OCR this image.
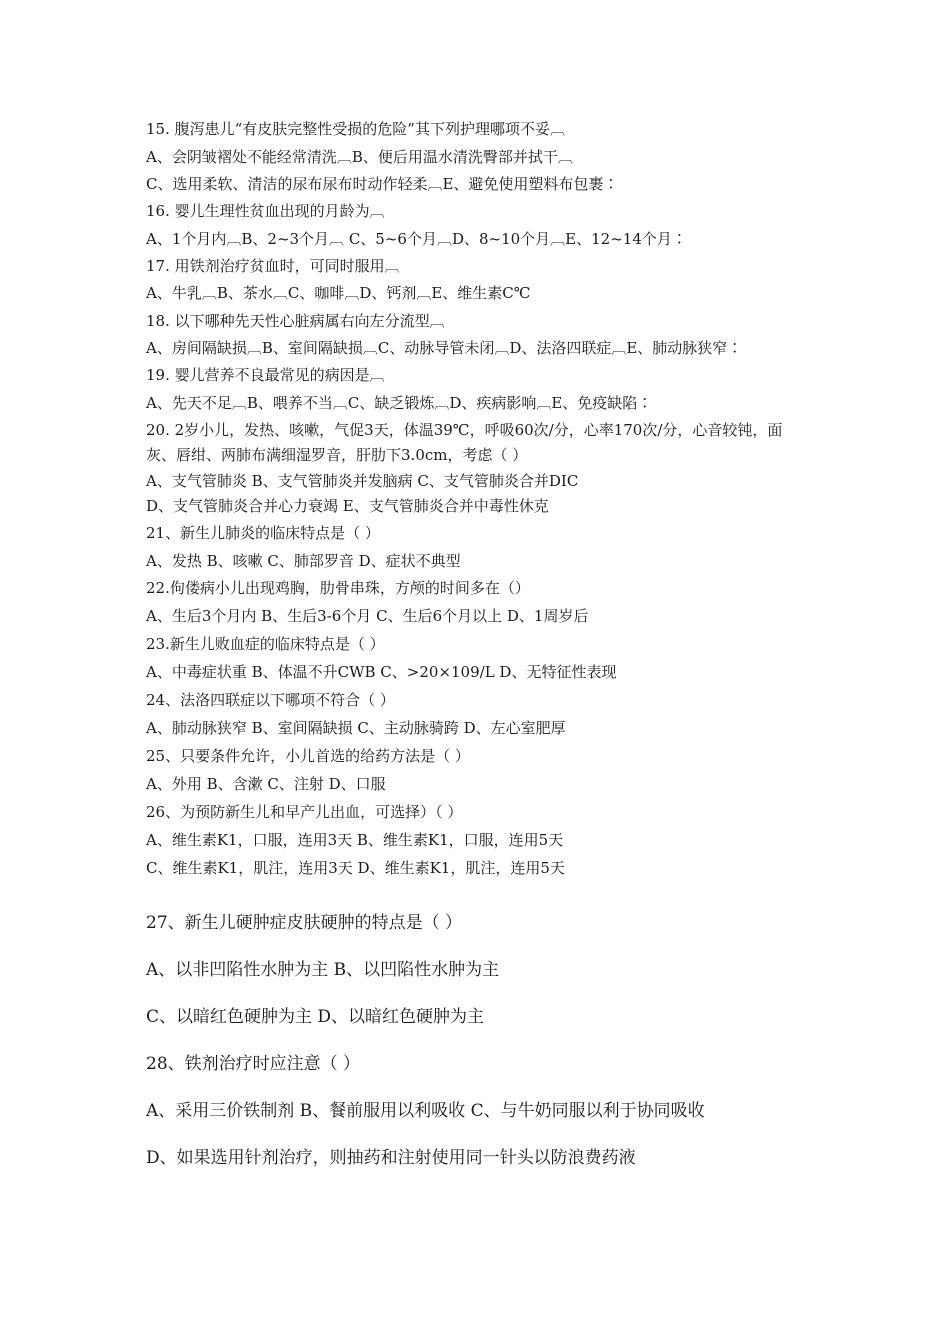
15. 腹泻患儿“有皮肤完整性受损的危险”其下列护理哪项不妥︹
A、会阴皱褶处不能经常清洗︹B、便后用温水清洗臀部并拭干︹
C、选用柔软、清洁的尿布尿布时动作轻柔︹E、避免使用塑料布包裹∶
16. 婴儿生理性贫血出现的月龄为︹
A、1个月内︹B、2~3个月︹ C、5~6个月︹D、8~10个月︹E、12~14个月∶
17. 用铁剂治疗贫血时，可同时服用︹
A、牛乳︹B、茶水︹C、咖啡︹D、钙剂︹E、维生素C℃
18. 以下哪种先天性心脏病属右向左分流型︹
A、房间隔缺损︹B、室间隔缺损︹C、动脉导管未闭︹D、法洛四联症︹E、肺动脉狭窄∶
19. 婴儿营养不良最常见的病因是︹
A、先天不足︹B、喂养不当︹C、缺乏锻炼︹D、疾病影响︹E、免疫缺陷∶
20. 2岁小儿，发热、咳嗽，气促3天，体温39℃，呼吸60次/分，心率170次/分，心音较钝，面
灰、唇绀、两肺布满细湿罗音，肝肋下3.0cm，考虑（ ）
A、支气管肺炎 B、支气管肺炎并发脑病 C、支气管肺炎合并DIC
D、支气管肺炎合并心力衰竭 E、支气管肺炎合并中毒性休克
21、新生儿肺炎的临床特点是（ ）
A、发热 B、咳嗽 C、肺部罗音 D、症状不典型
22.佝偻病小儿出现鸡胸，肋骨串珠，方颅的时间多在（）
A、生后3个月内 B、生后3-6个月 C、生后6个月以上 D、1周岁后
23.新生儿败血症的临床特点是（ ）
A、中毒症状重 B、体温不升CWB C、>20×109/L D、无特征性表现
24、法洛四联症以下哪项不符合（ ）
A、肺动脉狭窄 B、室间隔缺损 C、主动脉骑跨 D、左心室肥厚
25、只要条件允许，小儿首选的给药方法是（ ）
A、外用 B、含漱 C、注射 D、口服
26、为预防新生儿和早产儿出血，可选择）（ ）
A、维生素K1，口服，连用3天 B、维生素K1，口服，连用5天
C、维生素K1，肌注，连用3天 D、维生素K1，肌注，连用5天
27、新生儿硬肿症皮肤硬肿的特点是（ ）
A、以非凹陷性水肿为主 B、以凹陷性水肿为主
C、以暗红色硬肿为主 D、以暗红色硬肿为主
28、铁剂治疗时应注意（ ）
A、采用三价铁制剂 B、餐前服用以利吸收 C、与牛奶同服以利于协同吸收
D、如果选用针剂治疗，则抽药和注射使用同一针头以防浪费药液
